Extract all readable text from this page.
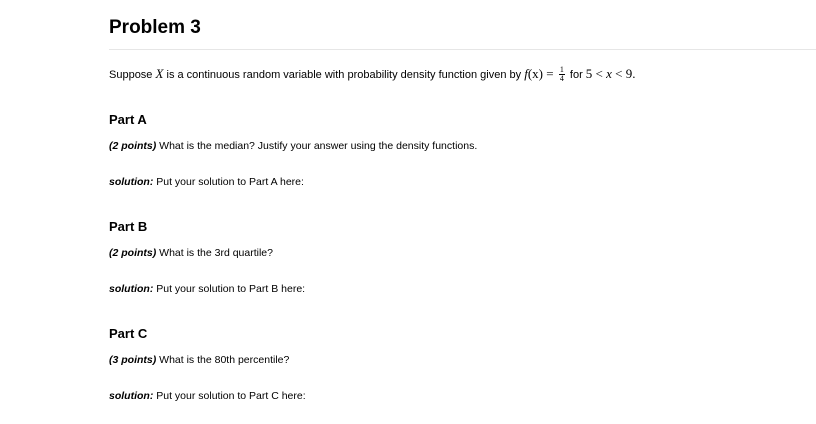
Problem 3
Suppose X is a continuous random variable with probability density function given by $f(x) = \frac{1}{4}$ for 5 < x < 9.
Part A
(2 points) What is the median? Justify your answer using the density functions.
solution: Put your solution to Part A here:
Part B
(2 points) What is the 3rd quartile?
solution: Put your solution to Part B here:
Part C
(3 points) What is the 80th percentile?
solution: Put your solution to Part C here:
